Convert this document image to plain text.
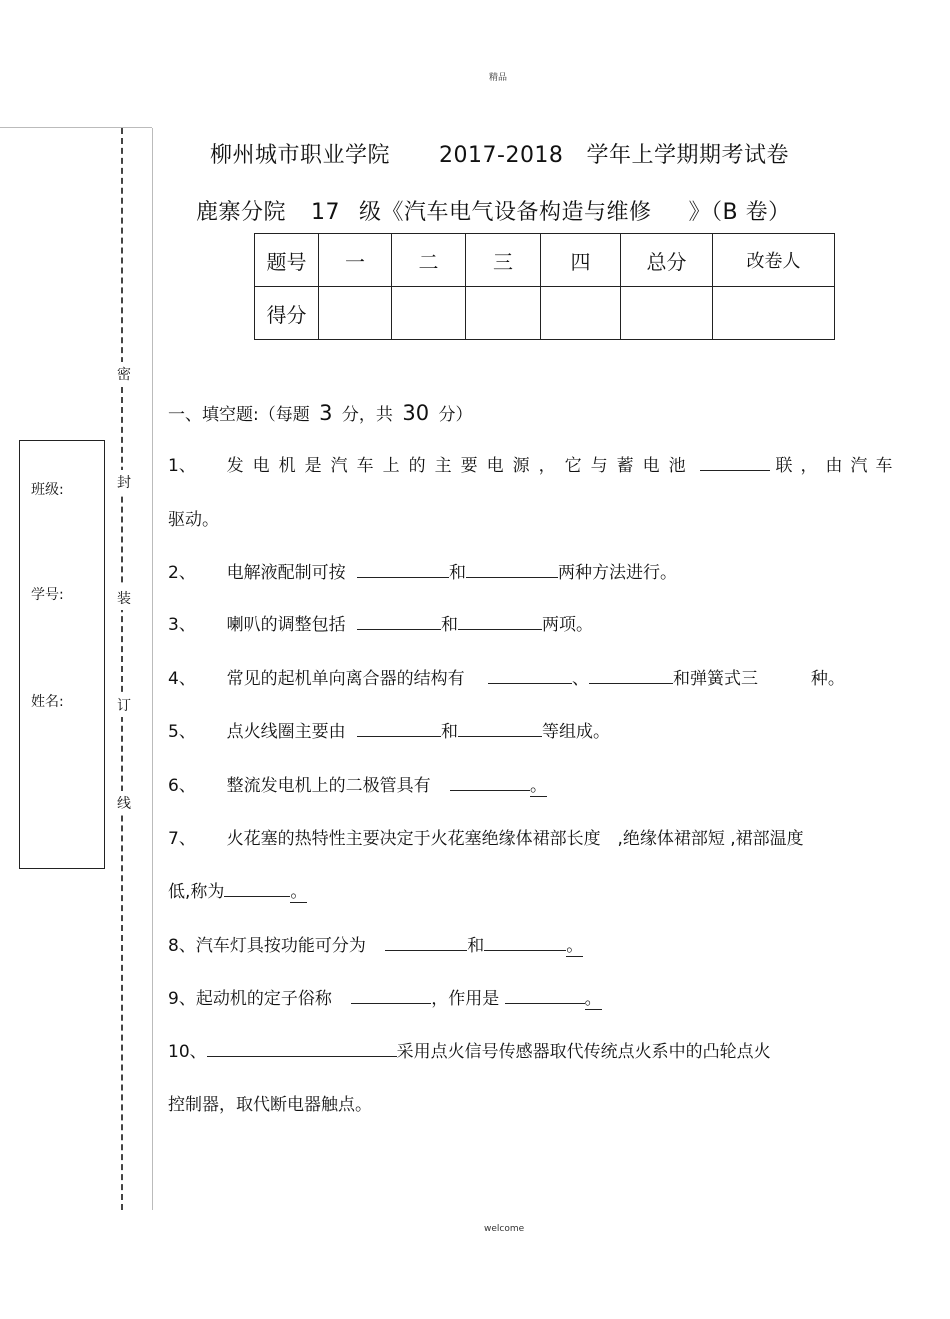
精品
welcome
密
封
装
订
线
班级:
学号:
姓名:
柳州城市职业学院 2017-2018 学年上学期期考试卷
鹿寨分院 17 级《汽车电气设备构造与维修 》（B 卷）
题号	一	二	三	四	总分	改卷人
得分						
一、填空题:（每题 3 分，共 30 分）
1、 发电机是汽车上的主要电源，它与蓄电池	联，由汽车
驱动。
2、 电解液配制可按	和	两种方法进行。
3、 喇叭的调整包括	和	两项。
4、 常见的起机单向离合器的结构有	、	和弹簧式三	种。
5、 点火线圈主要由	和	等组成。
6、 整流发电机上的二极管具有	。
7、 火花塞的热特性主要决定于火花塞绝缘体裙部长度 ,绝缘体裙部短 ,裙部温度
低,称为	。
8、汽车灯具按功能可分为	和	。
9、起动机的定子俗称	，作用是	。
10、	采用点火信号传感器取代传统点火系中的凸轮点火
控制器，取代断电器触点。
